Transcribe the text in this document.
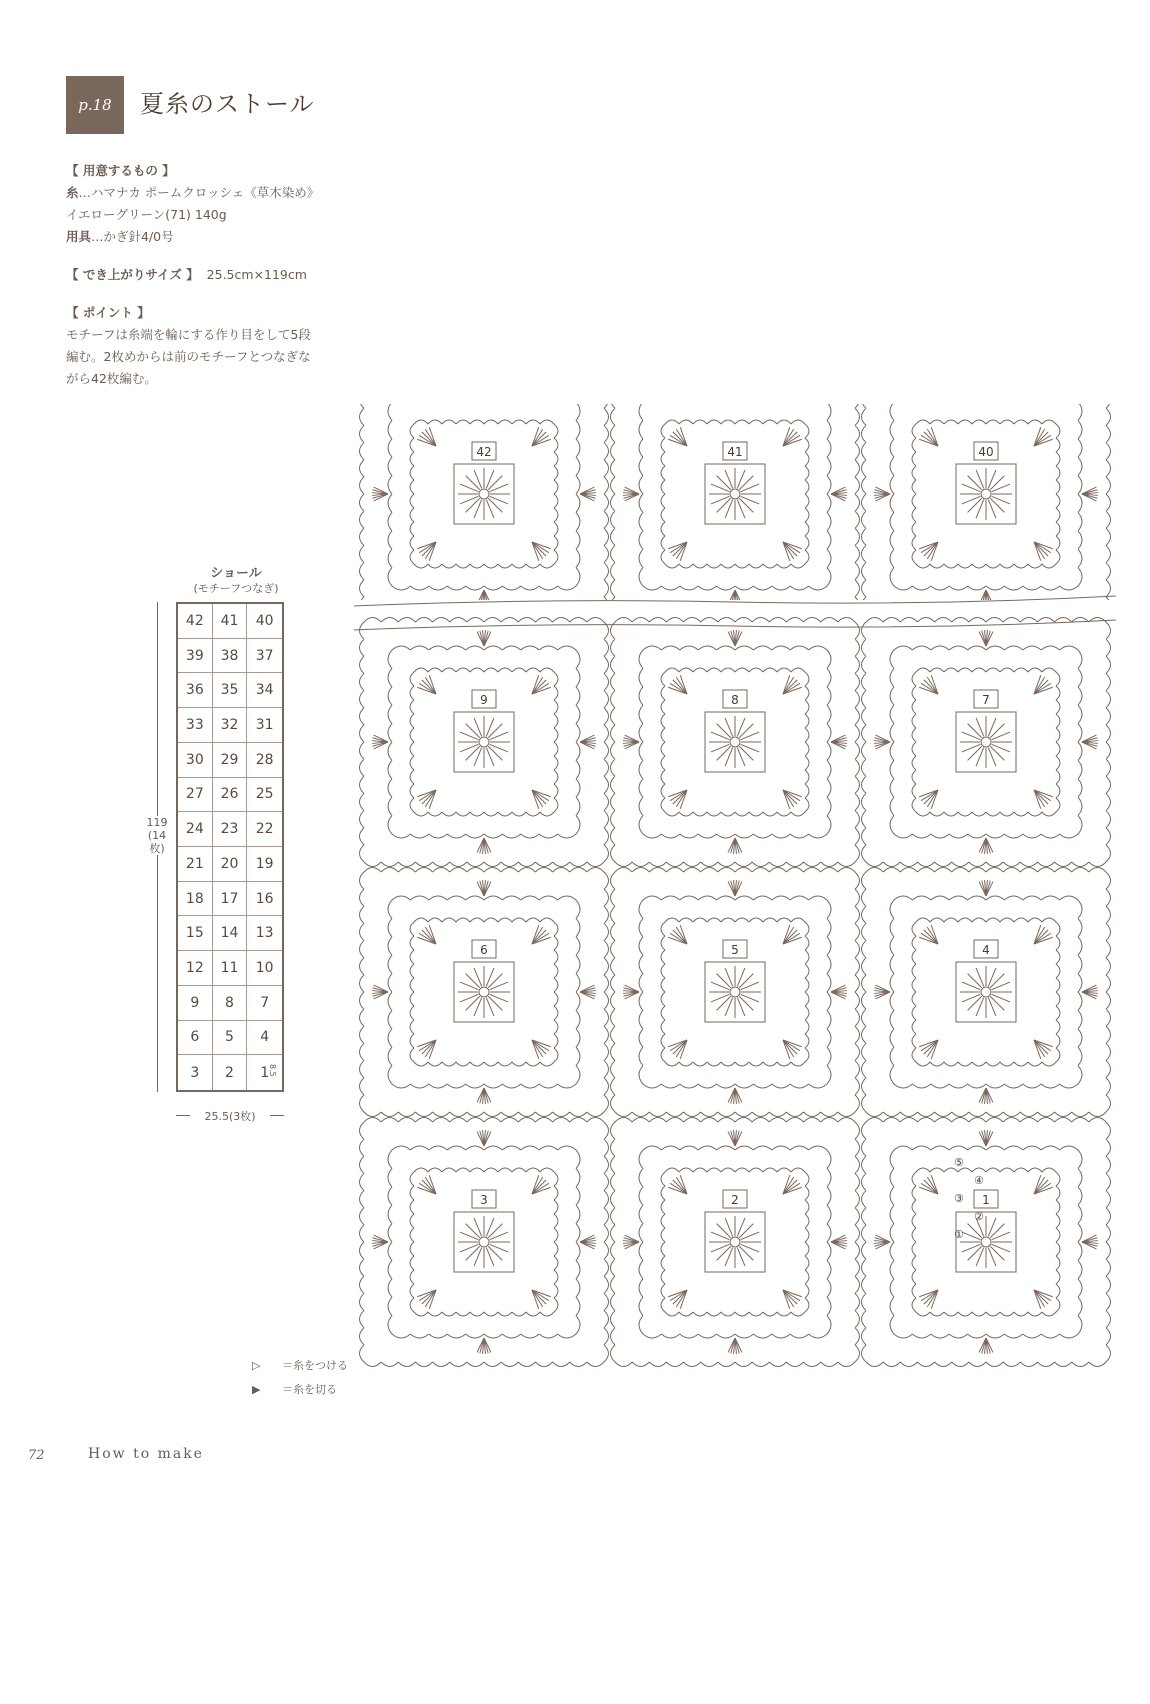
p.18 夏糸のストール
【 用意するもの 】
糸…ハマナカ ポームクロッシェ《草木染め》
イエローグリーン(71) 140g
用具…かぎ針4/0号
【 でき上がりサイズ 】 25.5cm×119cm
【 ポイント 】
モチーフは糸端を輪にする作り目をして5段
編む。2枚めからは前のモチーフとつなぎな
がら42枚編む。
ショール
(モチーフつなぎ)
119
(14枚)
42	41	40
39	38	37
36	35	34
33	32	31
30	29	28
27	26	25
24	23	22
21	20	19
18	17	16
15	14	13
12	11	10
9	8	7
6	5	4
3	2	1
8.5
25.5(3枚)
42	41	40
9	8	7
6	5	4
3	2	1
⑤
④
③
②
①
▷ ＝糸をつける
▶ ＝糸を切る
72	How to make
